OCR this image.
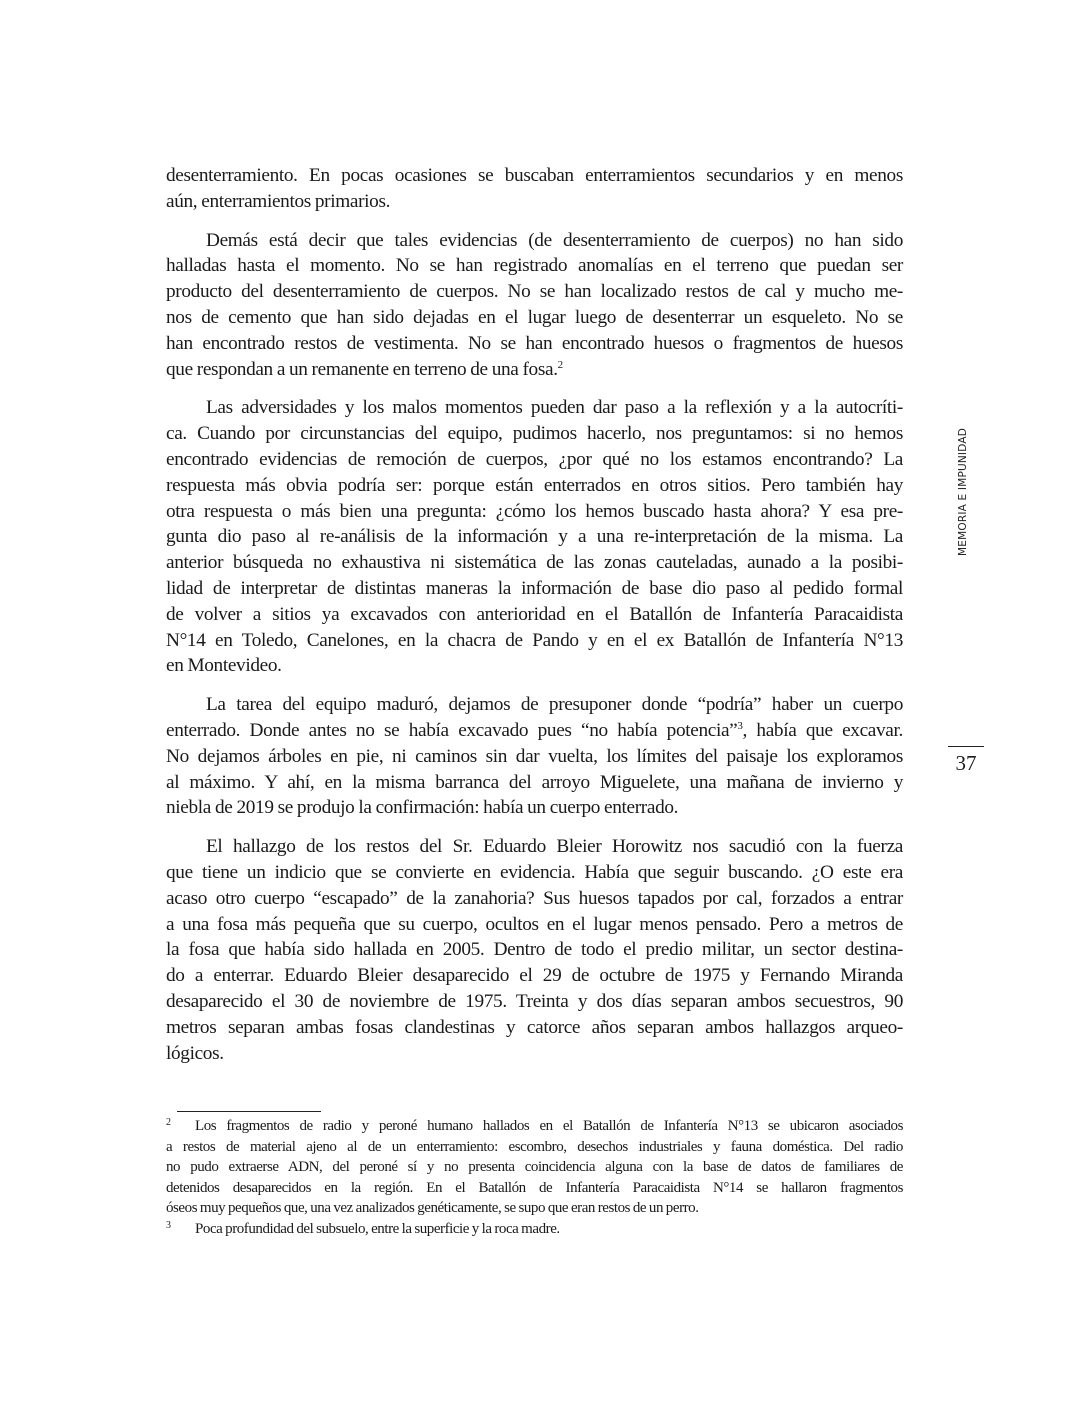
desenterramiento. En pocas ocasiones se buscaban enterramientos secundarios y en menos
aún, enterramientos primarios.

Demás está decir que tales evidencias (de desenterramiento de cuerpos) no han sido
halladas hasta el momento. No se han registrado anomalías en el terreno que puedan ser
producto del desenterramiento de cuerpos. No se han localizado restos de cal y mucho me-
nos de cemento que han sido dejadas en el lugar luego de desenterrar un esqueleto. No se
han encontrado restos de vestimenta. No se han encontrado huesos o fragmentos de huesos
que respondan a un remanente en terreno de una fosa.$^2$

Las adversidades y los malos momentos pueden dar paso a la reflexión y a la autocríti-
ca. Cuando por circunstancias del equipo, pudimos hacerlo, nos preguntamos: si no hemos
encontrado evidencias de remoción de cuerpos, ¿por qué no los estamos encontrando? La
respuesta más obvia podría ser: porque están enterrados en otros sitios. Pero también hay
otra respuesta o más bien una pregunta: ¿cómo los hemos buscado hasta ahora? Y esa pre-
gunta dio paso al re-análisis de la información y a una re-interpretación de la misma. La
anterior búsqueda no exhaustiva ni sistemática de las zonas cauteladas, aunado a la posibi-
lidad de interpretar de distintas maneras la información de base dio paso al pedido formal
de volver a sitios ya excavados con anterioridad en el Batallón de Infantería Paracaidista
N°14 en Toledo, Canelones, en la chacra de Pando y en el ex Batallón de Infantería N°13
en Montevideo.

La tarea del equipo maduró, dejamos de presuponer donde “podría” haber un cuerpo
enterrado. Donde antes no se había excavado pues “no había potencia”$^3$, había que excavar.
No dejamos árboles en pie, ni caminos sin dar vuelta, los límites del paisaje los exploramos
al máximo. Y ahí, en la misma barranca del arroyo Miguelete, una mañana de invierno y
niebla de 2019 se produjo la confirmación: había un cuerpo enterrado.

El hallazgo de los restos del Sr. Eduardo Bleier Horowitz nos sacudió con la fuerza
que tiene un indicio que se convierte en evidencia. Había que seguir buscando. ¿O este era
acaso otro cuerpo “escapado” de la zanahoria? Sus huesos tapados por cal, forzados a entrar
a una fosa más pequeña que su cuerpo, ocultos en el lugar menos pensado. Pero a metros de
la fosa que había sido hallada en 2005. Dentro de todo el predio militar, un sector destina-
do a enterrar. Eduardo Bleier desaparecido el 29 de octubre de 1975 y Fernando Miranda
desaparecido el 30 de noviembre de 1975. Treinta y dos días separan ambos secuestros, 90
metros separan ambas fosas clandestinas y catorce años separan ambos hallazgos arqueo-
lógicos.

2 Los fragmentos de radio y peroné humano hallados en el Batallón de Infantería N°13 se ubicaron asociados
a restos de material ajeno al de un enterramiento: escombro, desechos industriales y fauna doméstica. Del radio
no pudo extraerse ADN, del peroné sí y no presenta coincidencia alguna con la base de datos de familiares de
detenidos desaparecidos en la región. En el Batallón de Infantería Paracaidista N°14 se hallaron fragmentos
óseos muy pequeños que, una vez analizados genéticamente, se supo que eran restos de un perro.
3 Poca profundidad del subsuelo, entre la superficie y la roca madre.
MEMORIA E IMPUNIDAD
37
